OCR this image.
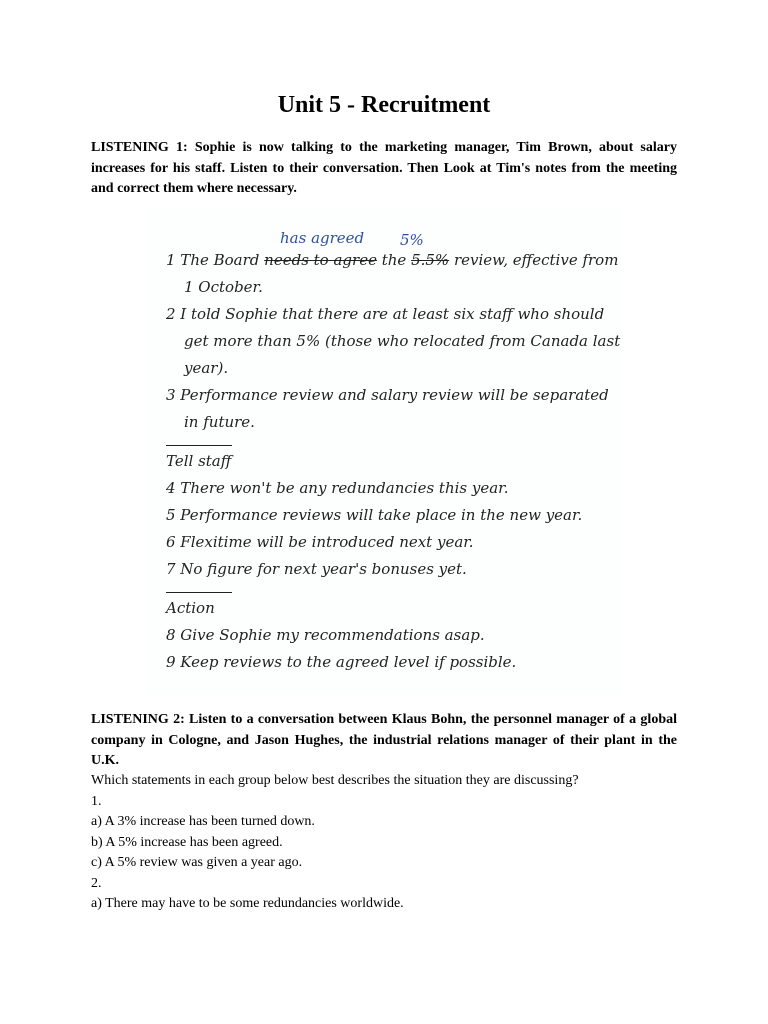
Unit 5 - Recruitment

LISTENING 1: Sophie is now talking to the marketing manager, Tim Brown, about salary increases for his staff. Listen to their conversation. Then Look at Tim's notes from the meeting and correct them where necessary.

has agreed 5%
1 The Board needs to agree the 5.5% review, effective from
1 October.
2 I told Sophie that there are at least six staff who should
get more than 5% (those who relocated from Canada last
year).
3 Performance review and salary review will be separated
in future.
Tell staff
4 There won't be any redundancies this year.
5 Performance reviews will take place in the new year.
6 Flexitime will be introduced next year.
7 No figure for next year's bonuses yet.
Action
8 Give Sophie my recommendations asap.
9 Keep reviews to the agreed level if possible.

LISTENING 2: Listen to a conversation between Klaus Bohn, the personnel manager of a global company in Cologne, and Jason Hughes, the industrial relations manager of their plant in the U.K.

Which statements in each group below best describes the situation they are discussing?
1.
a) A 3% increase has been turned down.
b) A 5% increase has been agreed.
c) A 5% review was given a year ago.
2.
a) There may have to be some redundancies worldwide.
